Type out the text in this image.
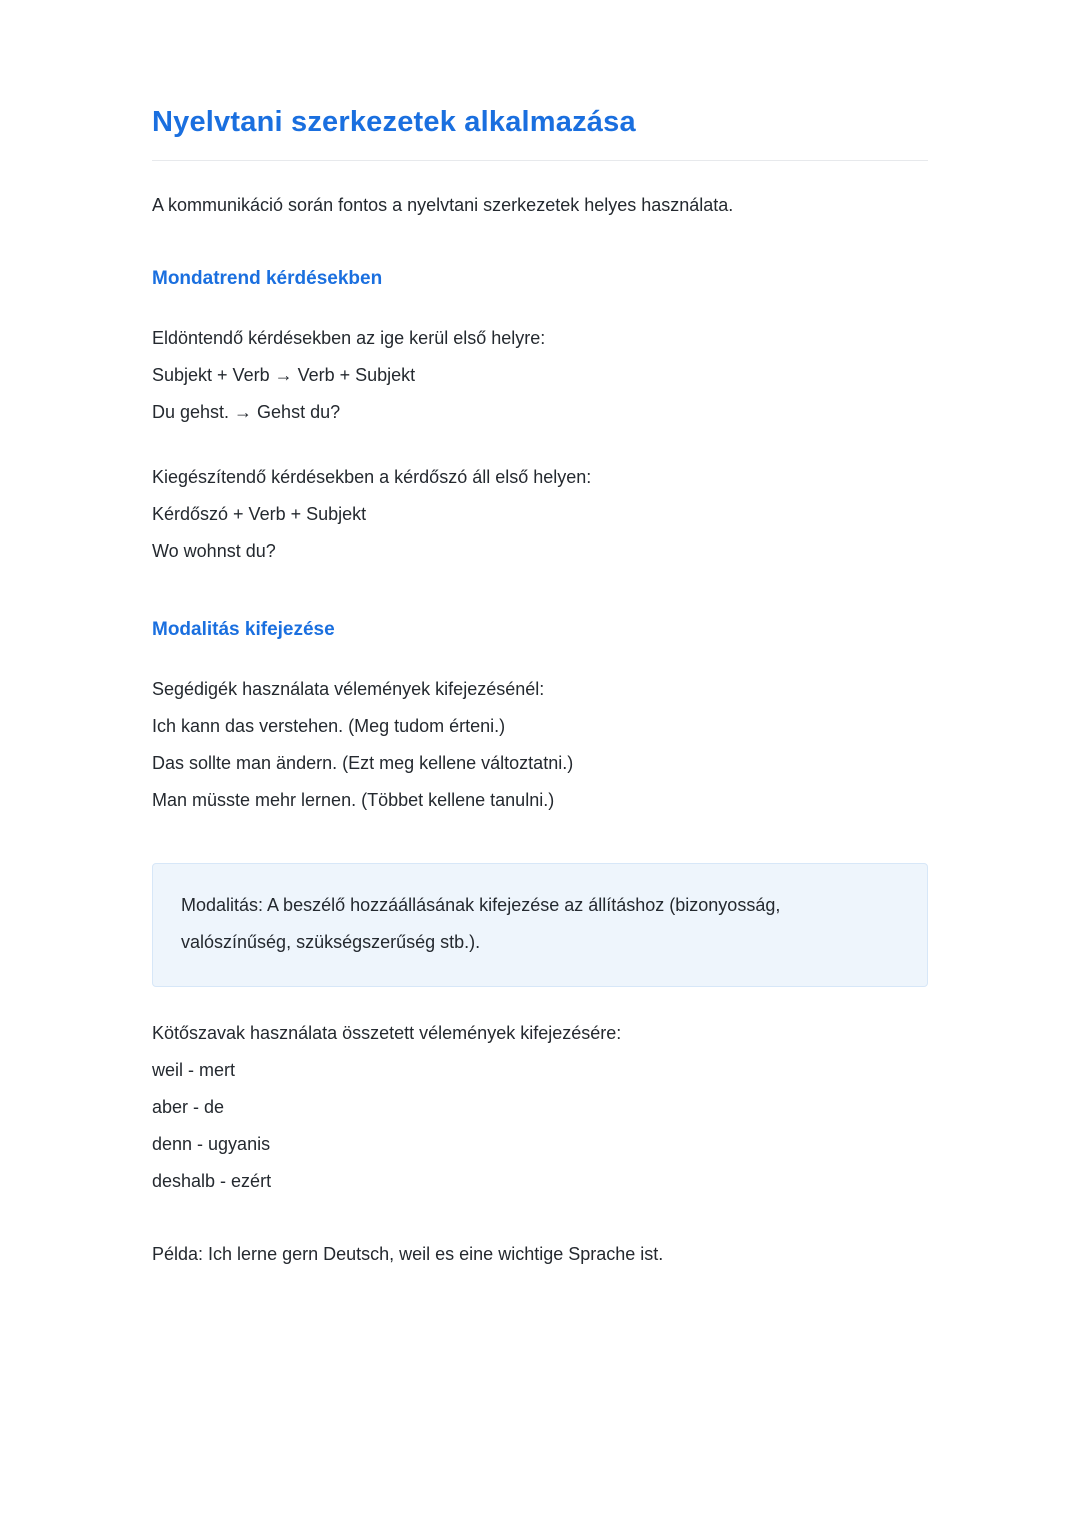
Nyelvtani szerkezetek alkalmazása

A kommunikáció során fontos a nyelvtani szerkezetek helyes használata.

Mondatrend kérdésekben
Eldöntendő kérdésekben az ige kerül első helyre:
Subjekt + Verb → Verb + Subjekt
Du gehst. → Gehst du?
Kiegészítendő kérdésekben a kérdőszó áll első helyen:
Kérdőszó + Verb + Subjekt
Wo wohnst du?
Modalitás kifejezése
Segédigék használata vélemények kifejezésénél:
Ich kann das verstehen. (Meg tudom érteni.)
Das sollte man ändern. (Ezt meg kellene változtatni.)
Man müsste mehr lernen. (Többet kellene tanulni.)

Modalitás: A beszélő hozzáállásának kifejezése az állításhoz (bizonyosság, valószínűség, szükségszerűség stb.).

Kötőszavak használata összetett vélemények kifejezésére:
weil - mert
aber - de
denn - ugyanis
deshalb - ezért

Példa: Ich lerne gern Deutsch, weil es eine wichtige Sprache ist.
